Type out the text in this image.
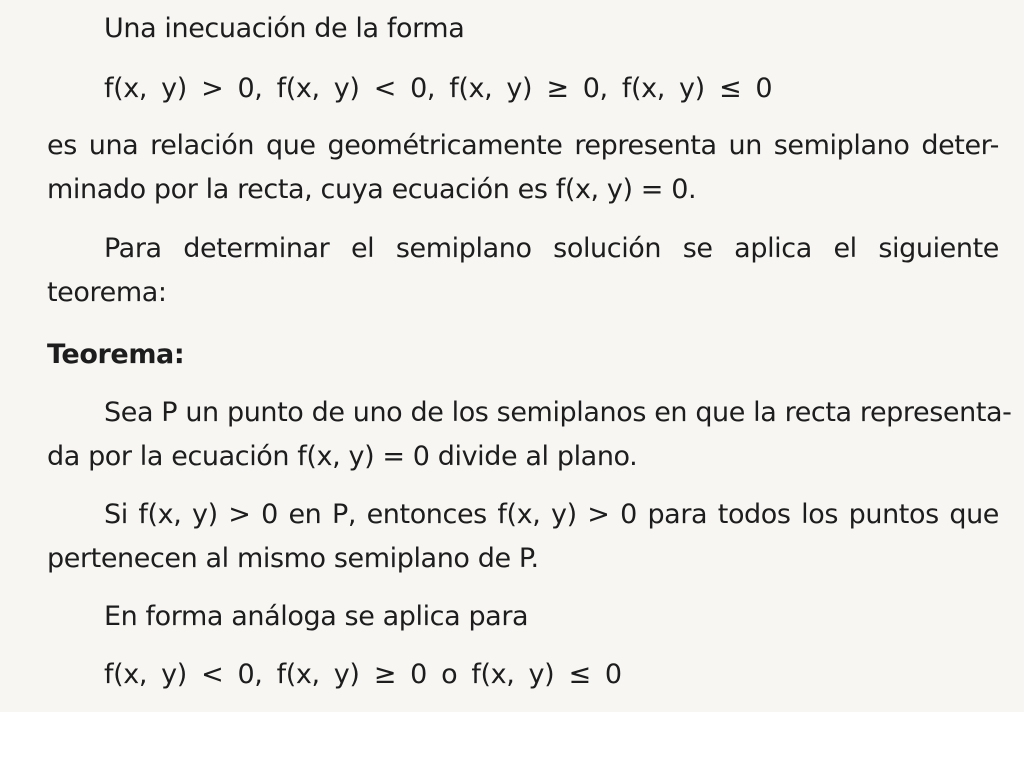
Una inecuación de la forma
f(x, y) > 0, f(x, y) < 0, f(x, y) ≥ 0, f(x, y) ≤ 0
es una relación que geométricamente representa un semiplano deter-
minado por la recta, cuya ecuación es f(x, y) = 0.
Para determinar el semiplano solución se aplica el siguiente
teorema:
Teorema:
Sea P un punto de uno de los semiplanos en que la recta representa-
da por la ecuación f(x, y) = 0 divide al plano.
Si f(x, y) > 0 en P, entonces f(x, y) > 0 para todos los puntos que
pertenecen al mismo semiplano de P.
En forma análoga se aplica para
f(x, y) < 0, f(x, y) ≥ 0 o f(x, y) ≤ 0
